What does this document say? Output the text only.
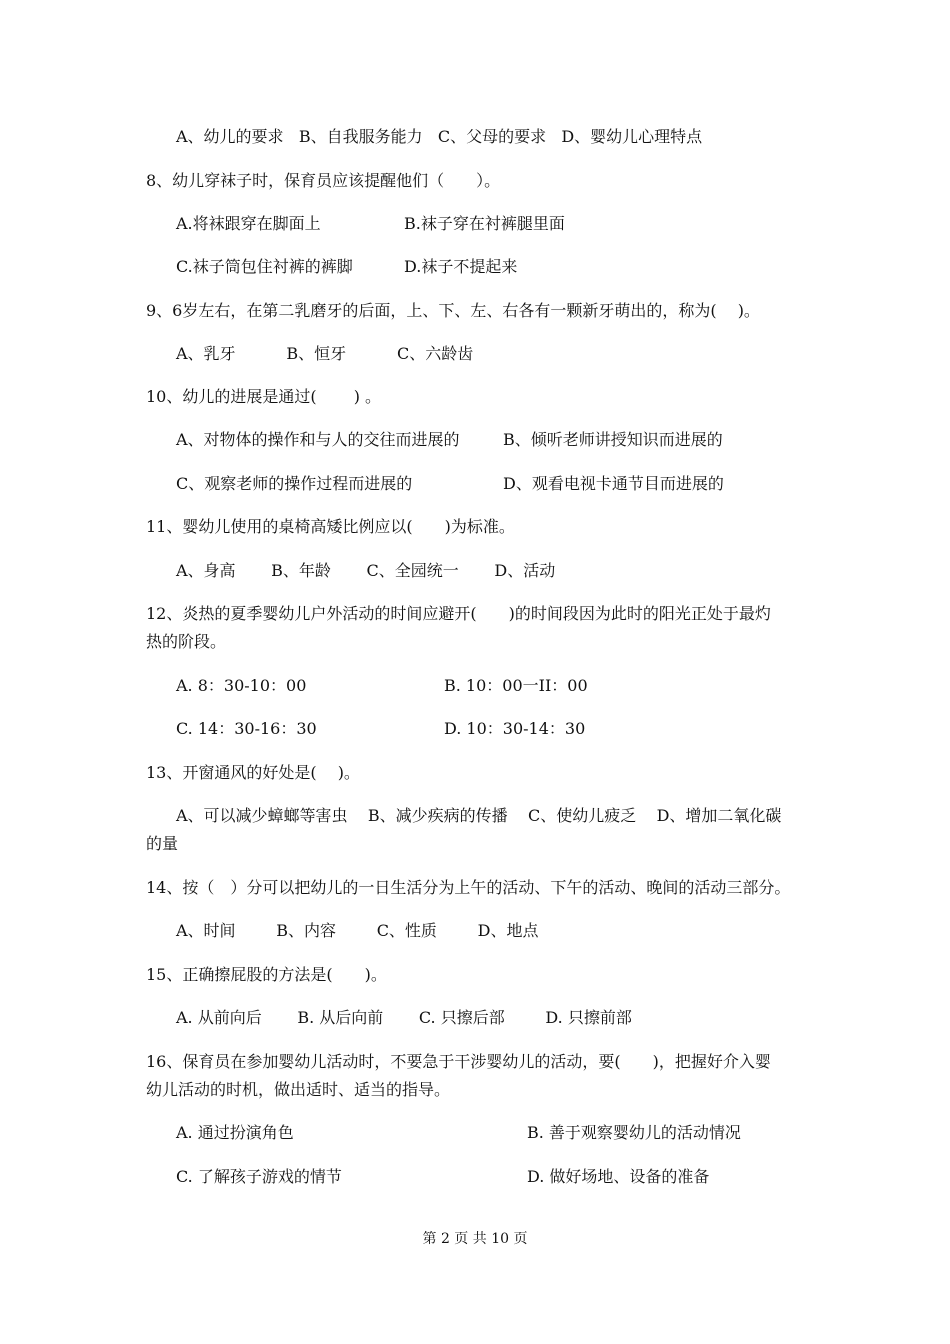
A、幼儿的要求   B、自我服务能力   C、父母的要求   D、婴幼儿心理特点
8、幼儿穿袜子时，保育员应该提醒他们（　　）。
A.将袜跟穿在脚面上	B.袜子穿在衬裤腿里面
C.袜子筒包住衬裤的裤脚	D.袜子不提起来
9、6岁左右，在第二乳磨牙的后面，上、下、左、右各有一颗新牙萌出的，称为(　 )。
A、乳牙          B、恒牙          C、六龄齿
10、幼儿的进展是通过(　　 ) 。
A、对物体的操作和与人的交往而进展的	B、倾听老师讲授知识而进展的
C、观察老师的操作过程而进展的	D、观看电视卡通节目而进展的
11、婴幼儿使用的桌椅高矮比例应以(　　)为标准。
A、身高       B、年龄       C、全园统一       D、活动
12、炎热的夏季婴幼儿户外活动的时间应避开(　　)的时间段因为此时的阳光正处于最灼
热的阶段。
A. 8：30-10：00	B. 10：00一II：00
C. 14：30-16：30	D. 10：30-14：30
13、开窗通风的好处是(　 )。
A、可以减少蟑螂等害虫    B、减少疾病的传播    C、使幼儿疲乏    D、增加二氧化碳
的量
14、按（　）分可以把幼儿的一日生活分为上午的活动、下午的活动、晚间的活动三部分。
A、时间        B、内容        C、性质        D、地点
15、正确擦屁股的方法是(　　)。
A. 从前向后       B. 从后向前       C. 只擦后部        D. 只擦前部
16、保育员在参加婴幼儿活动时，不要急于干涉婴幼儿的活动，要(　　)，把握好介入婴
幼儿活动的时机，做出适时、适当的指导。
A. 通过扮演角色	B. 善于观察婴幼儿的活动情况
C. 了解孩子游戏的情节	D. 做好场地、设备的准备
第 2 页 共 10 页
